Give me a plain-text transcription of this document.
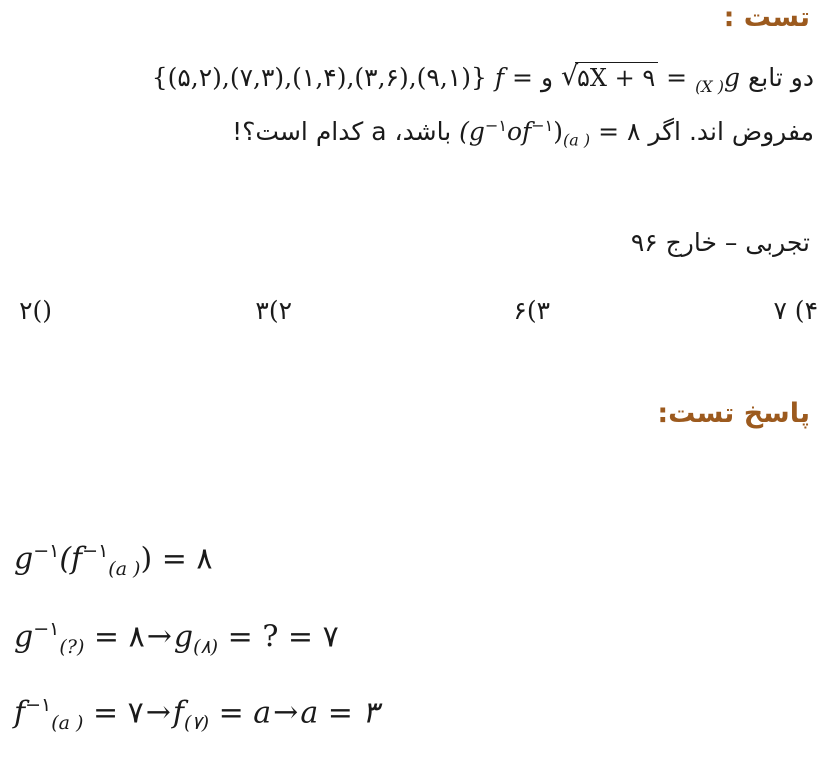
تست :
دو تابع g(X ) =
√
۵X + ۹ و f = {(۵,۲),(۷,۳),(۱,۴),(۳,۶),(۹,۱)}
مفروض اند. اگر $(g^{-۱}of^{-۱})_{(a )}$ = ۸ باشد، a کدام است؟!
تجربی – خارج ۹۶
۲()	۳(۲	۶(۳	۷ (۴
پاسخ تست:
$g^{-۱}(f^{-۱}_{(a )})$ = ۸
$g^{-۱}_{(?)}$ = $۸\to g_{(۸)}$ = ? = ۷
$f^{-۱}_{(a )}$ = $۷\to f_{(۷)} = a\to a$ = ۳
